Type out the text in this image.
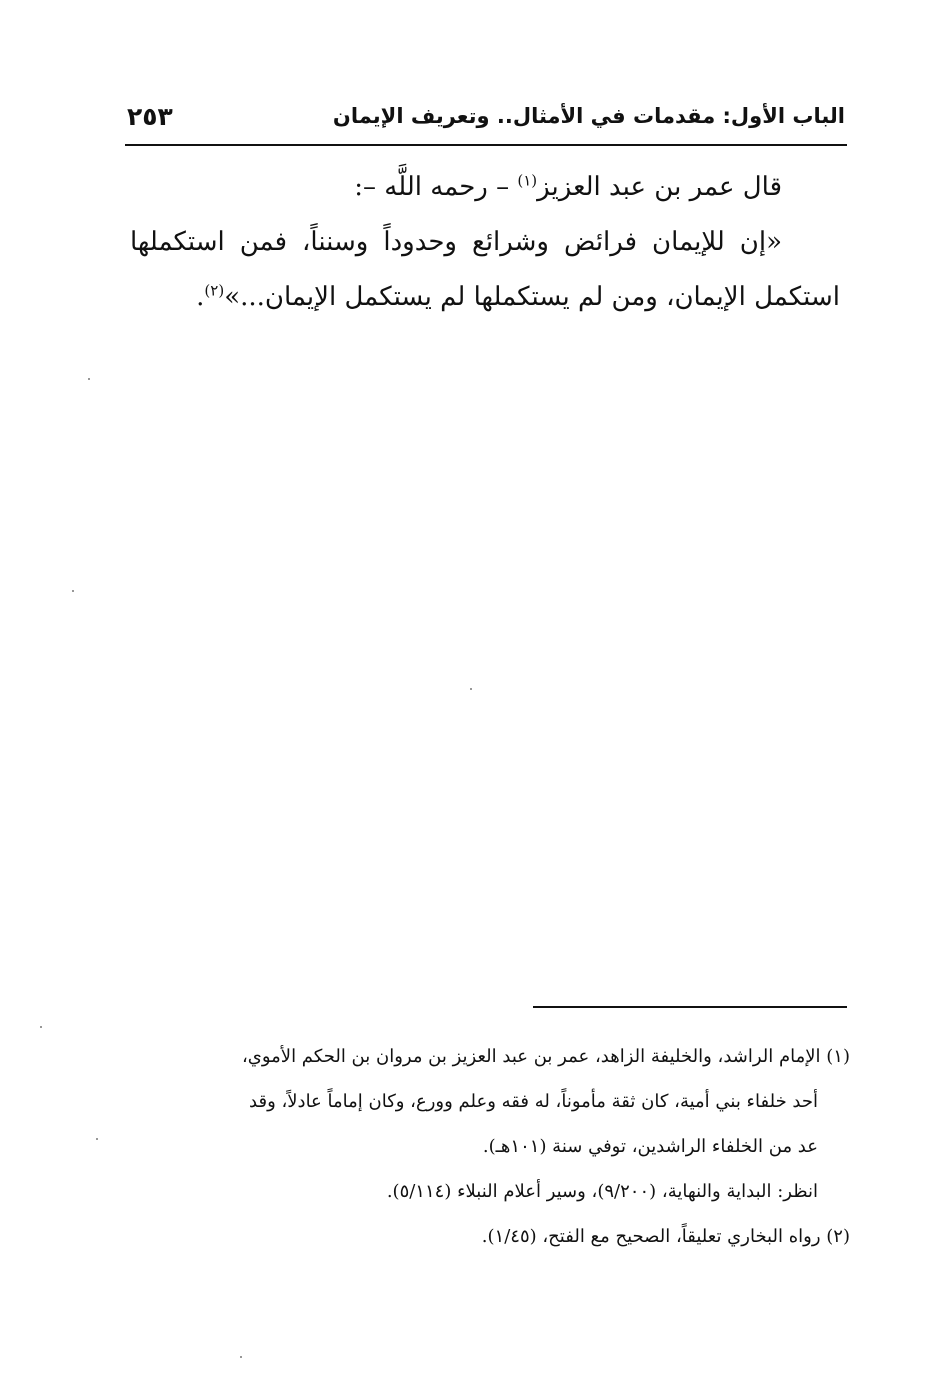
الباب الأول: مقدمات في الأمثال.. وتعريف الإيمان
٢٥٣

قال عمر بن عبد العزيز$^{(١)}$ – رحمه اللَّه –:

«إن للإيمان فرائض وشرائع وحدوداً وسنناً، فمن استكملها استكمل الإيمان، ومن لم يستكملها لم يستكمل الإيمان...»$^{(٢)}$.

(١) الإمام الراشد، والخليفة الزاهد، عمر بن عبد العزيز بن مروان بن الحكم الأموي،

أحد خلفاء بني أمية، كان ثقة مأموناً، له فقه وعلم وورع، وكان إماماً عادلاً، وقد

عد من الخلفاء الراشدين، توفي سنة (١٠١هـ).

انظر: البداية والنهاية، (٩/٢٠٠)، وسير أعلام النبلاء (٥/١١٤).

(٢) رواه البخاري تعليقاً، الصحيح مع الفتح، (١/٤٥).
